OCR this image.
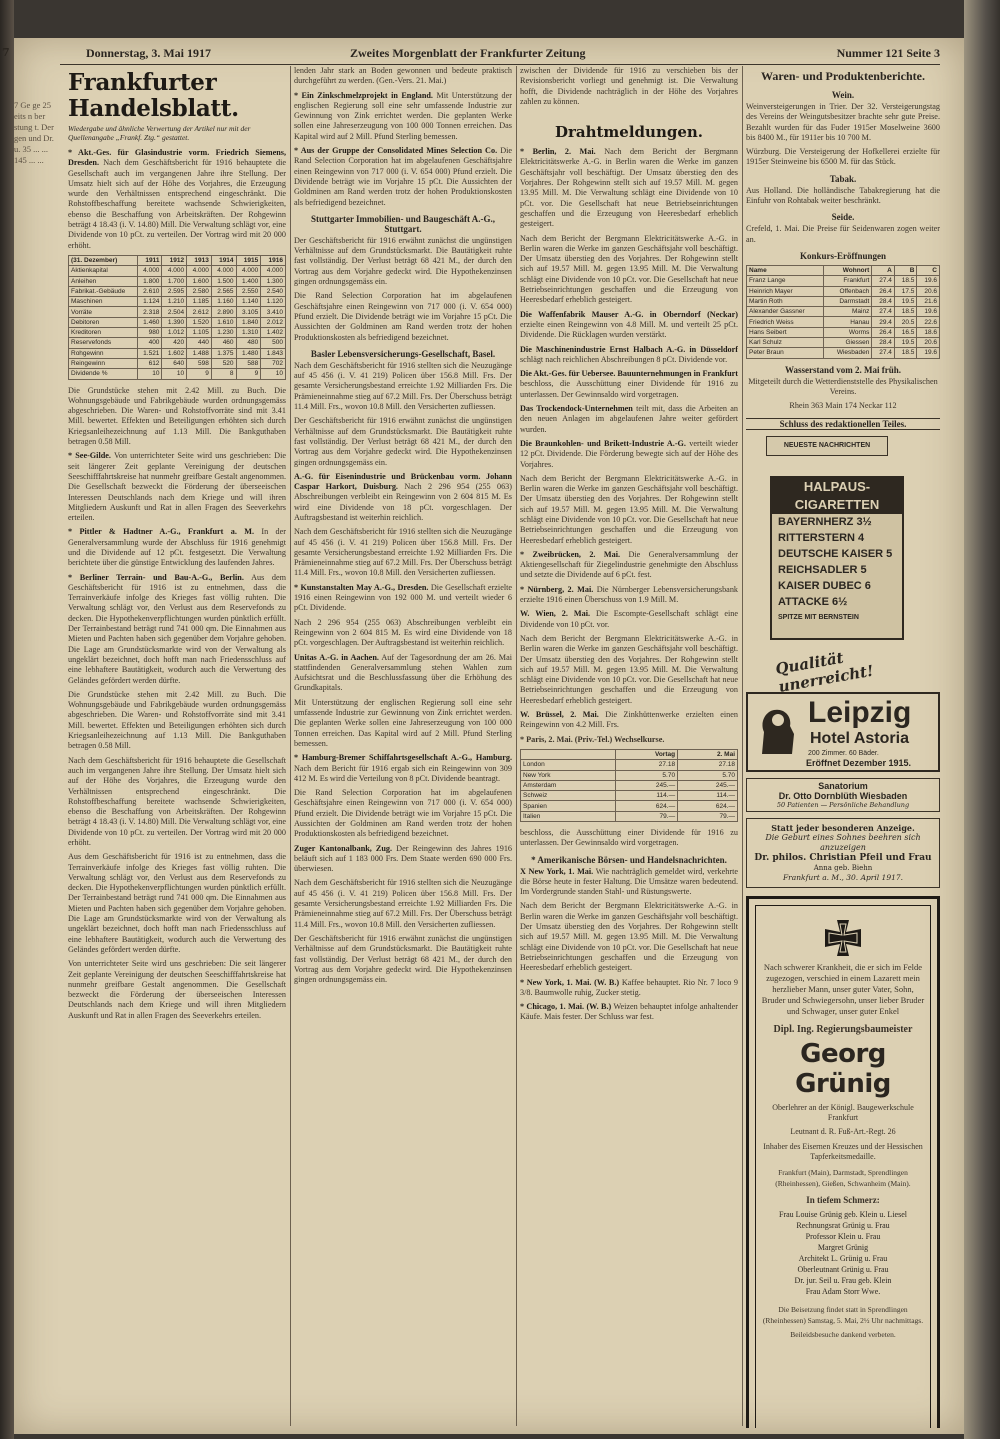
7 Ge ge 25 eits n ber stung t. Der gen und Dr. u. 35 ... ... 145 ... ...
Donnerstag, 3. Mai 1917	Zweites Morgenblatt der Frankfurter Zeitung	Nummer 121 Seite 3
Frankfurter Handelsblatt.

Wiedergabe und ähnliche Verwertung der Artikel nur mit der Quellenangabe „Frankf. Ztg.“ gestattet.

* Akt.-Ges. für Glasindustrie vorm. Friedrich Siemens, Dresden. Nach dem Geschäftsbericht für 1916 behauptete die Gesellschaft auch im vergangenen Jahre ihre Stellung. Der Umsatz hielt sich auf der Höhe des Vorjahres, die Erzeugung wurde den Verhältnissen entsprechend eingeschränkt. Die Rohstoffbeschaffung bereitete wachsende Schwierigkeiten, ebenso die Beschaffung von Arbeitskräften. Der Rohgewinn beträgt 4 18.43 (i. V. 14.80) Mill. Die Verwaltung schlägt vor, eine Dividende von 10 pCt. zu verteilen. Der Vortrag wird mit 20 000 erhöht.

(31. Dezember)	1911	1912	1913	1914	1915	1916
Aktienkapital	4.000	4.000	4.000	4.000	4.000	4.000
Anleihen	1.800	1.700	1.600	1.500	1.400	1.300
Fabrikat.-Gebäude	2.610	2.595	2.580	2.565	2.550	2.540
Maschinen	1.124	1.210	1.185	1.160	1.140	1.120
Vorräte	2.318	2.504	2.612	2.890	3.105	3.410
Debitoren	1.460	1.390	1.520	1.610	1.840	2.012
Kreditoren	980	1.012	1.105	1.230	1.310	1.402
Reservefonds	400	420	440	460	480	500
Rohgewinn	1.521	1.602	1.488	1.375	1.480	1.843
Reingewinn	612	640	598	520	588	702
Dividende %	10	10	9	8	9	10

Die Grundstücke stehen mit 2.42 Mill. zu Buch. Die Wohnungsgebäude und Fabrikgebäude wurden ordnungsgemäss abgeschrieben. Die Waren- und Rohstoffvorräte sind mit 3.41 Mill. bewertet. Effekten und Beteiligungen erhöhten sich durch Kriegsanleihezeichnung auf 1.13 Mill. Die Bankguthaben betragen 0.58 Mill.

* See-Gilde. Von unterrichteter Seite wird uns geschrieben: Die seit längerer Zeit geplante Vereinigung der deutschen Seeschifffahrtskreise hat nunmehr greifbare Gestalt angenommen. Die Gesellschaft bezweckt die Förderung der überseeischen Interessen Deutschlands nach dem Kriege und will ihren Mitgliedern Auskunft und Rat in allen Fragen des Seeverkehrs erteilen.

* Pittler & Hadtner A.-G., Frankfurt a. M. In der Generalversammlung wurde der Abschluss für 1916 genehmigt und die Dividende auf 12 pCt. festgesetzt. Die Verwaltung berichtete über die günstige Entwicklung des laufenden Jahres.

* Berliner Terrain- und Bau-A.-G., Berlin. Aus dem Geschäftsbericht für 1916 ist zu entnehmen, dass die Terrainverkäufe infolge des Krieges fast völlig ruhten. Die Verwaltung schlägt vor, den Verlust aus dem Reservefonds zu decken. Die Hypothekenverpflichtungen wurden pünktlich erfüllt. Der Terrainbestand beträgt rund 741 000 qm. Die Einnahmen aus Mieten und Pachten haben sich gegenüber dem Vorjahre gehoben. Die Lage am Grundstücksmarkte wird von der Verwaltung als ungeklärt bezeichnet, doch hofft man nach Friedensschluss auf eine lebhaftere Bautätigkeit, wodurch auch die Verwertung des Geländes gefördert werden dürfte.

Die Grundstücke stehen mit 2.42 Mill. zu Buch. Die Wohnungsgebäude und Fabrikgebäude wurden ordnungsgemäss abgeschrieben. Die Waren- und Rohstoffvorräte sind mit 3.41 Mill. bewertet. Effekten und Beteiligungen erhöhten sich durch Kriegsanleihezeichnung auf 1.13 Mill. Die Bankguthaben betragen 0.58 Mill.

Nach dem Geschäftsbericht für 1916 behauptete die Gesellschaft auch im vergangenen Jahre ihre Stellung. Der Umsatz hielt sich auf der Höhe des Vorjahres, die Erzeugung wurde den Verhältnissen entsprechend eingeschränkt. Die Rohstoffbeschaffung bereitete wachsende Schwierigkeiten, ebenso die Beschaffung von Arbeitskräften. Der Rohgewinn beträgt 4 18.43 (i. V. 14.80) Mill. Die Verwaltung schlägt vor, eine Dividende von 10 pCt. zu verteilen. Der Vortrag wird mit 20 000 erhöht.

Aus dem Geschäftsbericht für 1916 ist zu entnehmen, dass die Terrainverkäufe infolge des Krieges fast völlig ruhten. Die Verwaltung schlägt vor, den Verlust aus dem Reservefonds zu decken. Die Hypothekenverpflichtungen wurden pünktlich erfüllt. Der Terrainbestand beträgt rund 741 000 qm. Die Einnahmen aus Mieten und Pachten haben sich gegenüber dem Vorjahre gehoben. Die Lage am Grundstücksmarkte wird von der Verwaltung als ungeklärt bezeichnet, doch hofft man nach Friedensschluss auf eine lebhaftere Bautätigkeit, wodurch auch die Verwertung des Geländes gefördert werden dürfte.

Von unterrichteter Seite wird uns geschrieben: Die seit längerer Zeit geplante Vereinigung der deutschen Seeschifffahrtskreise hat nunmehr greifbare Gestalt angenommen. Die Gesellschaft bezweckt die Förderung der überseeischen Interessen Deutschlands nach dem Kriege und will ihren Mitgliedern Auskunft und Rat in allen Fragen des Seeverkehrs erteilen.

lenden Jahr stark an Boden gewonnen und bedeute praktisch durchgeführt zu werden. (Gen.-Vers. 21. Mai.)

* Ein Zinkschmelzprojekt in England. Mit Unterstützung der englischen Regierung soll eine sehr umfassende Industrie zur Gewinnung von Zink errichtet werden. Die geplanten Werke sollen eine Jahreserzeugung von 100 000 Tonnen erreichen. Das Kapital wird auf 2 Mill. Pfund Sterling bemessen.

* Aus der Gruppe der Consolidated Mines Selection Co. Die Rand Selection Corporation hat im abgelaufenen Geschäftsjahre einen Reingewinn von 717 000 (i. V. 654 000) Pfund erzielt. Die Dividende beträgt wie im Vorjahre 15 pCt. Die Aussichten der Goldminen am Rand werden trotz der hohen Produktionskosten als befriedigend bezeichnet.

Stuttgarter Immobilien- und Baugeschäft A.-G., Stuttgart.

Der Geschäftsbericht für 1916 erwähnt zunächst die ungünstigen Verhältnisse auf dem Grundstücksmarkt. Die Bautätigkeit ruhte fast vollständig. Der Verlust beträgt 68 421 M., der durch den Vortrag aus dem Vorjahre gedeckt wird. Die Hypothekenzinsen gingen ordnungsgemäss ein.

Die Rand Selection Corporation hat im abgelaufenen Geschäftsjahre einen Reingewinn von 717 000 (i. V. 654 000) Pfund erzielt. Die Dividende beträgt wie im Vorjahre 15 pCt. Die Aussichten der Goldminen am Rand werden trotz der hohen Produktionskosten als befriedigend bezeichnet.

Basler Lebensversicherungs-Gesellschaft, Basel.

Nach dem Geschäftsbericht für 1916 stellten sich die Neuzugänge auf 45 456 (i. V. 41 219) Policen über 156.8 Mill. Frs. Der gesamte Versicherungsbestand erreichte 1.92 Milliarden Frs. Die Prämieneinnahme stieg auf 67.2 Mill. Frs. Der Überschuss beträgt 11.4 Mill. Frs., wovon 10.8 Mill. den Versicherten zufliessen.

Der Geschäftsbericht für 1916 erwähnt zunächst die ungünstigen Verhältnisse auf dem Grundstücksmarkt. Die Bautätigkeit ruhte fast vollständig. Der Verlust beträgt 68 421 M., der durch den Vortrag aus dem Vorjahre gedeckt wird. Die Hypothekenzinsen gingen ordnungsgemäss ein.

A.-G. für Eisenindustrie und Brückenbau vorm. Johann Caspar Harkort, Duisburg. Nach 2 296 954 (255 063) Abschreibungen verbleibt ein Reingewinn von 2 604 815 M. Es wird eine Dividende von 18 pCt. vorgeschlagen. Der Auftragsbestand ist weiterhin reichlich.

Nach dem Geschäftsbericht für 1916 stellten sich die Neuzugänge auf 45 456 (i. V. 41 219) Policen über 156.8 Mill. Frs. Der gesamte Versicherungsbestand erreichte 1.92 Milliarden Frs. Die Prämieneinnahme stieg auf 67.2 Mill. Frs. Der Überschuss beträgt 11.4 Mill. Frs., wovon 10.8 Mill. den Versicherten zufliessen.

* Kunstanstalten May A.-G., Dresden. Die Gesellschaft erzielte 1916 einen Reingewinn von 192 000 M. und verteilt wieder 6 pCt. Dividende.

Nach 2 296 954 (255 063) Abschreibungen verbleibt ein Reingewinn von 2 604 815 M. Es wird eine Dividende von 18 pCt. vorgeschlagen. Der Auftragsbestand ist weiterhin reichlich.

Unitas A.-G. in Aachen. Auf der Tagesordnung der am 26. Mai stattfindenden Generalversammlung stehen Wahlen zum Aufsichtsrat und die Beschlussfassung über die Erhöhung des Grundkapitals.

Mit Unterstützung der englischen Regierung soll eine sehr umfassende Industrie zur Gewinnung von Zink errichtet werden. Die geplanten Werke sollen eine Jahreserzeugung von 100 000 Tonnen erreichen. Das Kapital wird auf 2 Mill. Pfund Sterling bemessen.

* Hamburg-Bremer Schiffahrtsgesellschaft A.-G., Hamburg. Nach dem Bericht für 1916 ergab sich ein Reingewinn von 309 412 M. Es wird die Verteilung von 8 pCt. Dividende beantragt.

Die Rand Selection Corporation hat im abgelaufenen Geschäftsjahre einen Reingewinn von 717 000 (i. V. 654 000) Pfund erzielt. Die Dividende beträgt wie im Vorjahre 15 pCt. Die Aussichten der Goldminen am Rand werden trotz der hohen Produktionskosten als befriedigend bezeichnet.

Zuger Kantonalbank, Zug. Der Reingewinn des Jahres 1916 beläuft sich auf 1 183 000 Frs. Dem Staate werden 690 000 Frs. überwiesen.

Nach dem Geschäftsbericht für 1916 stellten sich die Neuzugänge auf 45 456 (i. V. 41 219) Policen über 156.8 Mill. Frs. Der gesamte Versicherungsbestand erreichte 1.92 Milliarden Frs. Die Prämieneinnahme stieg auf 67.2 Mill. Frs. Der Überschuss beträgt 11.4 Mill. Frs., wovon 10.8 Mill. den Versicherten zufliessen.

Der Geschäftsbericht für 1916 erwähnt zunächst die ungünstigen Verhältnisse auf dem Grundstücksmarkt. Die Bautätigkeit ruhte fast vollständig. Der Verlust beträgt 68 421 M., der durch den Vortrag aus dem Vorjahre gedeckt wird. Die Hypothekenzinsen gingen ordnungsgemäss ein.

zwischen der Dividende für 1916 zu verschieben bis der Revisionsbericht vorliegt und genehmigt ist. Die Verwaltung hofft, die Dividende nachträglich in der Höhe des Vorjahres zahlen zu können.

Drahtmeldungen.

* Berlin, 2. Mai. Nach dem Bericht der Bergmann Elektricitätswerke A.-G. in Berlin waren die Werke im ganzen Geschäftsjahr voll beschäftigt. Der Umsatz überstieg den des Vorjahres. Der Rohgewinn stellt sich auf 19.57 Mill. M. gegen 13.95 Mill. M. Die Verwaltung schlägt eine Dividende von 10 pCt. vor. Die Gesellschaft hat neue Betriebseinrichtungen geschaffen und die Erzeugung von Heeresbedarf erheblich gesteigert.

Nach dem Bericht der Bergmann Elektricitätswerke A.-G. in Berlin waren die Werke im ganzen Geschäftsjahr voll beschäftigt. Der Umsatz überstieg den des Vorjahres. Der Rohgewinn stellt sich auf 19.57 Mill. M. gegen 13.95 Mill. M. Die Verwaltung schlägt eine Dividende von 10 pCt. vor. Die Gesellschaft hat neue Betriebseinrichtungen geschaffen und die Erzeugung von Heeresbedarf erheblich gesteigert.

Die Waffenfabrik Mauser A.-G. in Oberndorf (Neckar) erzielte einen Reingewinn von 4.8 Mill. M. und verteilt 25 pCt. Dividende. Die Rücklagen wurden verstärkt.

Die Maschinenindustrie Ernst Halbach A.-G. in Düsseldorf schlägt nach reichlichen Abschreibungen 8 pCt. Dividende vor.

Die Akt.-Ges. für Uebersee. Bauunternehmungen in Frankfurt beschloss, die Ausschüttung einer Dividende für 1916 zu unterlassen. Der Gewinnsaldo wird vorgetragen.

Das Trockendock-Unternehmen teilt mit, dass die Arbeiten an den neuen Anlagen im abgelaufenen Jahre weiter gefördert wurden.

Die Braunkohlen- und Brikett-Industrie A.-G. verteilt wieder 12 pCt. Dividende. Die Förderung bewegte sich auf der Höhe des Vorjahres.

Nach dem Bericht der Bergmann Elektricitätswerke A.-G. in Berlin waren die Werke im ganzen Geschäftsjahr voll beschäftigt. Der Umsatz überstieg den des Vorjahres. Der Rohgewinn stellt sich auf 19.57 Mill. M. gegen 13.95 Mill. M. Die Verwaltung schlägt eine Dividende von 10 pCt. vor. Die Gesellschaft hat neue Betriebseinrichtungen geschaffen und die Erzeugung von Heeresbedarf erheblich gesteigert.

* Zweibrücken, 2. Mai. Die Generalversammlung der Aktiengesellschaft für Ziegelindustrie genehmigte den Abschluss und setzte die Dividende auf 6 pCt. fest.

* Nürnberg, 2. Mai. Die Nürnberger Lebensversicherungsbank erzielte 1916 einen Überschuss von 1.9 Mill. M.

W. Wien, 2. Mai. Die Escompte-Gesellschaft schlägt eine Dividende von 10 pCt. vor.

Nach dem Bericht der Bergmann Elektricitätswerke A.-G. in Berlin waren die Werke im ganzen Geschäftsjahr voll beschäftigt. Der Umsatz überstieg den des Vorjahres. Der Rohgewinn stellt sich auf 19.57 Mill. M. gegen 13.95 Mill. M. Die Verwaltung schlägt eine Dividende von 10 pCt. vor. Die Gesellschaft hat neue Betriebseinrichtungen geschaffen und die Erzeugung von Heeresbedarf erheblich gesteigert.

W. Brüssel, 2. Mai. Die Zinkhüttenwerke erzielten einen Reingewinn von 4.2 Mill. Frs.

* Paris, 2. Mai. (Priv.-Tel.) Wechselkurse.

	Vortag	2. Mai
London	27.18	27.18
New York	5.70	5.70
Amsterdam	245.—	245.—
Schweiz	114.—	114.—
Spanien	624.—	624.—
Italien	79.—	79.—

beschloss, die Ausschüttung einer Dividende für 1916 zu unterlassen. Der Gewinnsaldo wird vorgetragen.

* Amerikanische Börsen- und Handelsnachrichten.

X New York, 1. Mai. Wie nachträglich gemeldet wird, verkehrte die Börse heute in fester Haltung. Die Umsätze waren bedeutend. Im Vordergrunde standen Stahl- und Rüstungswerte.

Nach dem Bericht der Bergmann Elektricitätswerke A.-G. in Berlin waren die Werke im ganzen Geschäftsjahr voll beschäftigt. Der Umsatz überstieg den des Vorjahres. Der Rohgewinn stellt sich auf 19.57 Mill. M. gegen 13.95 Mill. M. Die Verwaltung schlägt eine Dividende von 10 pCt. vor. Die Gesellschaft hat neue Betriebseinrichtungen geschaffen und die Erzeugung von Heeresbedarf erheblich gesteigert.

* New York, 1. Mai. (W. B.) Kaffee behauptet. Rio Nr. 7 loco 9 3/8. Baumwolle ruhig, Zucker stetig.

* Chicago, 1. Mai. (W. B.) Weizen behauptet infolge anhaltender Käufe. Mais fester. Der Schluss war fest.

Waren- und Produktenberichte.

Wein.

Weinversteigerungen in Trier. Der 32. Versteigerungstag des Vereins der Weingutsbesitzer brachte sehr gute Preise. Bezahlt wurden für das Fuder 1915er Moselweine 3600 bis 8400 M., für 1911er bis 10 700 M.

Würzburg. Die Versteigerung der Hofkellerei erzielte für 1915er Steinweine bis 6500 M. für das Stück.

Tabak.

Aus Holland. Die holländische Tabakregierung hat die Einfuhr von Rohtabak weiter beschränkt.

Seide.

Crefeld, 1. Mai. Die Preise für Seidenwaren zogen weiter an.

Konkurs-Eröffnungen

Name	Wohnort	A	B	C
Franz Lange	Frankfurt	27.4	18.5	19.6
Heinrich Mayer	Offenbach	26.4	17.5	20.6
Martin Roth	Darmstadt	28.4	19.5	21.6
Alexander Gassner	Mainz	27.4	18.5	19.6
Friedrich Weiss	Hanau	29.4	20.5	22.6
Hans Seibert	Worms	26.4	16.5	18.6
Karl Schulz	Giessen	28.4	19.5	20.6
Peter Braun	Wiesbaden	27.4	18.5	19.6

Wasserstand vom 2. Mai früh.

Mitgeteilt durch die Wetterdienststelle des Physikalischen Vereins.

Rhein 363 Main 174 Neckar 112

Schluss des redaktionellen Teiles.

NEUESTE NACHRICHTEN
HALPAUS-CIGARETTEN
BAYERNHERZ 3½
RITTERSTERN 4
DEUTSCHE KAISER 5
REICHSADLER 5
KAISER DUBEC 6
ATTACKE 6½
SPITZE MIT BERNSTEIN
Qualität unerreicht!
Leipzig
Hotel Astoria
200 Zimmer. 60 Bäder.
Eröffnet Dezember 1915.
Sanatorium
Dr. Otto Dornblüth Wiesbaden
50 Patienten — Persönliche Behandlung
Statt jeder besonderen Anzeige.
Die Geburt eines Sohnes beehren sich anzuzeigen
Dr. philos. Christian Pfeil und Frau
Anna geb. Biehn
Frankfurt a. M., 30. April 1917.

Nach schwerer Krankheit, die er sich im Felde zugezogen, verschied in einem Lazarett mein herzlieber Mann, unser guter Vater, Sohn, Bruder und Schwiegersohn, unser lieber Bruder und Schwager, unser guter Enkel

Dipl. Ing. Regierungsbaumeister

Georg Grünig

Oberlehrer an der Königl. Baugewerkschule Frankfurt

Leutnant d. R. Fuß-Art.-Regt. 26

Inhaber des Eisernen Kreuzes und der Hessischen Tapferkeitsmedaille.

Frankfurt (Main), Darmstadt, Sprendlingen (Rheinhessen), Gießen, Schwanheim (Main).

In tiefem Schmerz:

Frau Louise Grünig geb. Klein u. Liesel
Rechnungsrat Grünig u. Frau
Professor Klein u. Frau
Margret Grünig
Architekt L. Grünig u. Frau
Oberleutnant Grünig u. Frau
Dr. jur. Seil u. Frau geb. Klein
Frau Adam Storr Wwe.

Die Beisetzung findet statt in Sprendlingen (Rheinhessen) Samstag, 5. Mai, 2½ Uhr nachmittags.

Beileidsbesuche dankend verbeten.

7
